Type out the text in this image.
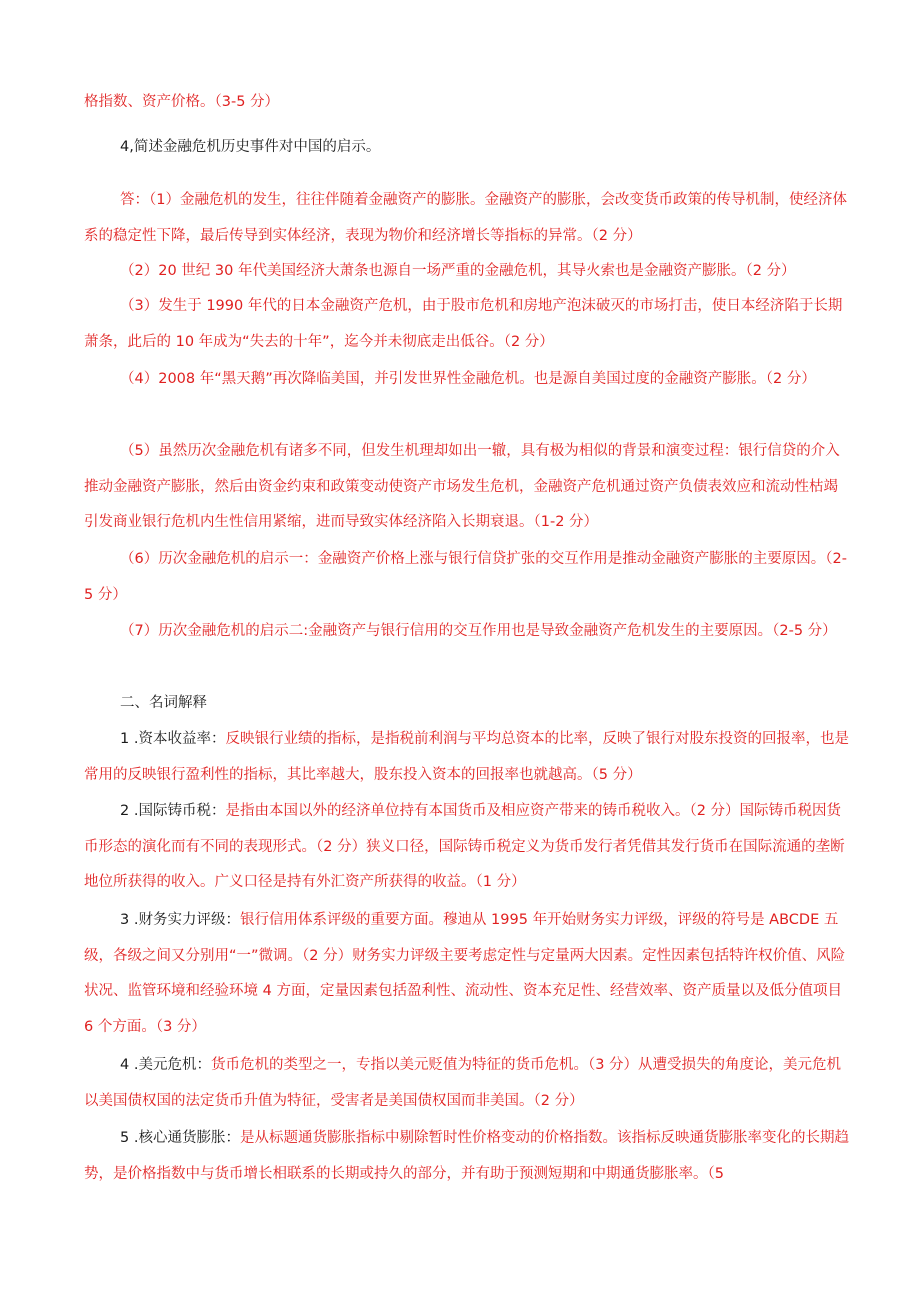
格指数、资产价格。（3-5 分）

4,简述金融危机历史事件对中国的启示。

答：（1）金融危机的发生，往往伴随着金融资产的膨胀。金融资产的膨胀，会改变货币政策的传导机制，使经济体系的稳定性下降，最后传导到实体经济，表现为物价和经济增长等指标的异常。（2 分）

（2）20 世纪 30 年代美国经济大萧条也源自一场严重的金融危机，其导火索也是金融资产膨胀。（2 分）

（3）发生于 1990 年代的日本金融资产危机，由于股市危机和房地产泡沫破灭的市场打击，使日本经济陷于长期萧条，此后的 10 年成为“失去的十年”，迄今并未彻底走出低谷。（2 分）

（4）2008 年“黑天鹅”再次降临美国，并引发世界性金融危机。也是源自美国过度的金融资产膨胀。（2 分）

（5）虽然历次金融危机有诸多不同，但发生机理却如出一辙，具有极为相似的背景和演变过程：银行信贷的介入推动金融资产膨胀，然后由资金约束和政策变动使资产市场发生危机，金融资产危机通过资产负债表效应和流动性枯竭引发商业银行危机内生性信用紧缩，进而导致实体经济陷入长期衰退。（1-2 分）

（6）历次金融危机的启示一：金融资产价格上涨与银行信贷扩张的交互作用是推动金融资产膨胀的主要原因。（2-5 分）

（7）历次金融危机的启示二:金融资产与银行信用的交互作用也是导致金融资产危机发生的主要原因。（2-5 分）

二、名词解释

1 .资本收益率：反映银行业绩的指标，是指税前利润与平均总资本的比率，反映了银行对股东投资的回报率，也是常用的反映银行盈利性的指标，其比率越大，股东投入资本的回报率也就越高。（5 分）

2 .国际铸币税：是指由本国以外的经济单位持有本国货币及相应资产带来的铸币税收入。（2 分）国际铸币税因货币形态的演化而有不同的表现形式。（2 分）狭义口径，国际铸币税定义为货币发行者凭借其发行货币在国际流通的垄断地位所获得的收入。广义口径是持有外汇资产所获得的收益。（1 分）

3 .财务实力评级：银行信用体系评级的重要方面。穆迪从 1995 年开始财务实力评级，评级的符号是 ABCDE 五级，各级之间又分别用“一”微调。（2 分）财务实力评级主要考虑定性与定量两大因素。定性因素包括特许权价值、风险状况、监管环境和经验环境 4 方面，定量因素包括盈利性、流动性、资本充足性、经营效率、资产质量以及低分值项目 6 个方面。（3 分）

4 .美元危机：货币危机的类型之一，专指以美元贬值为特征的货币危机。（3 分）从遭受损失的角度论，美元危机以美国债权国的法定货币升值为特征，受害者是美国债权国而非美国。（2 分）

5 .核心通货膨胀：是从标题通货膨胀指标中剔除暂时性价格变动的价格指数。该指标反映通货膨胀率变化的长期趋势，是价格指数中与货币增长相联系的长期或持久的部分，并有助于预测短期和中期通货膨胀率。（5
